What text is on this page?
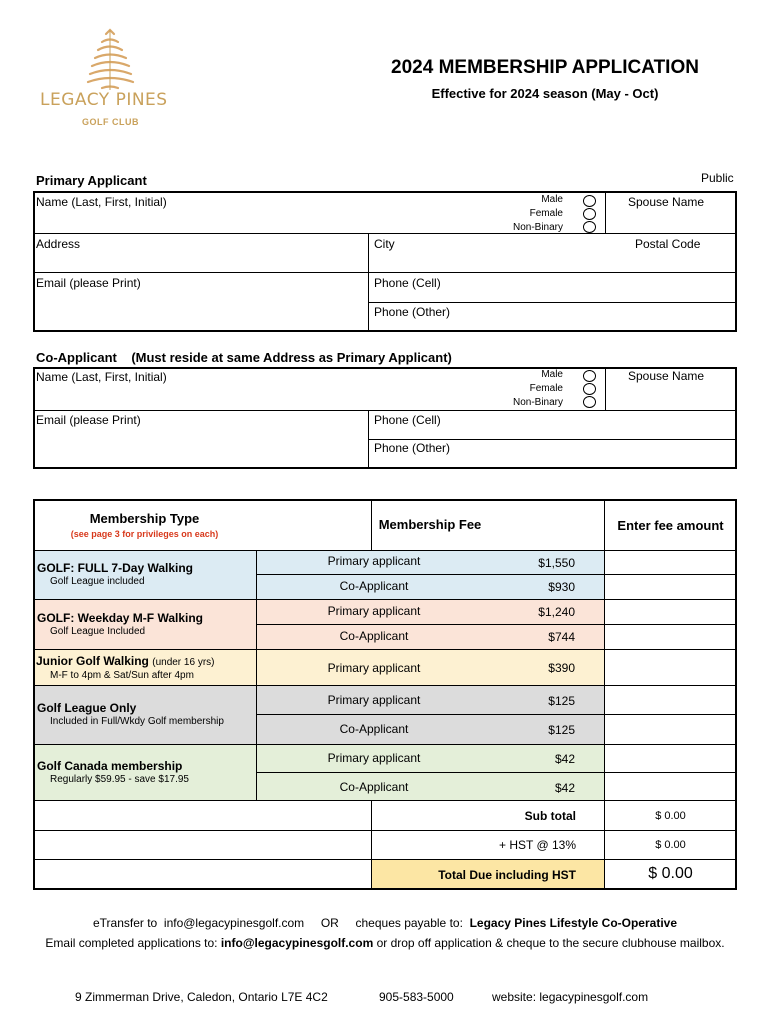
LEGACY PINES
GOLF CLUB
2024 MEMBERSHIP APPLICATION
Effective for 2024 season (May - Oct)
Primary Applicant	Public
Name (Last, First, Initial)	Male
Female
Non-Binary
Spouse Name
Address	City	Postal Code
Email (please Print)	Phone (Cell)
Phone (Other)
Co-Applicant    (Must reside at same Address as Primary Applicant)
Name (Last, First, Initial)	Male
Female
Non-Binary
Spouse Name
Email (please Print)	Phone (Cell)
Phone (Other)
Membership Type
(see page 3 for privileges on each)
Membership Fee	Enter fee amount
GOLF: FULL 7-Day Walking
Golf League included
Primary applicant	$1,550
Co-Applicant	$930
GOLF: Weekday M-F Walking
Golf League Included
Primary applicant	$1,240
Co-Applicant	$744
Junior Golf Walking (under 16 yrs)
M-F to 4pm & Sat/Sun after 4pm
Primary applicant	$390
Golf League Only
Included in Full/Wkdy Golf membership
Primary applicant	$125
Co-Applicant	$125
Golf Canada membership
Regularly $59.95 - save $17.95
Primary applicant	$42
Co-Applicant	$42
Sub total	$ 0.00
+ HST @ 13%	$ 0.00
Total Due including HST	$ 0.00
eTransfer to  info@legacypinesgolf.com     OR     cheques payable to: Legacy Pines Lifestyle Co-Operative
Email completed applications to: info@legacypinesgolf.com or drop off application & cheque to the secure clubhouse mailbox.
9 Zimmerman Drive, Caledon, Ontario L7E 4C2	905-583-5000	website: legacypinesgolf.com
